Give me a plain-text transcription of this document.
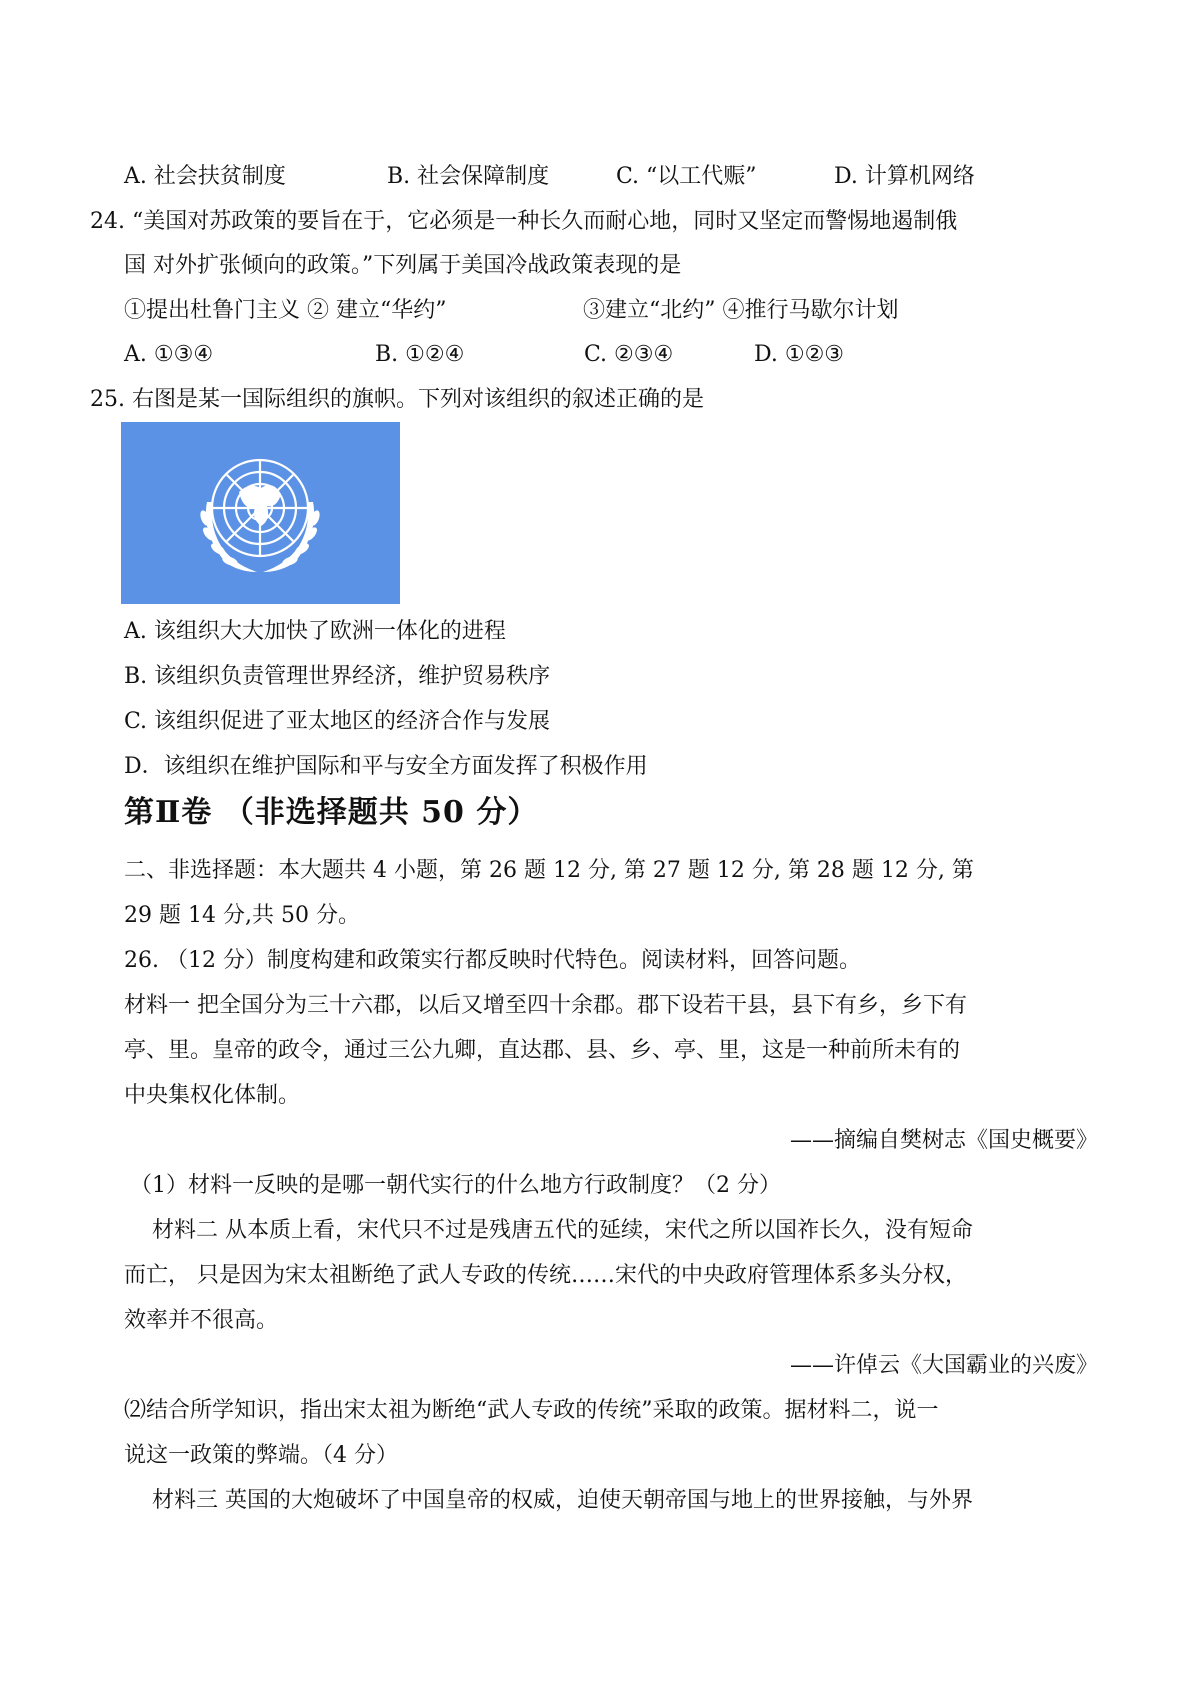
A. 社会扶贫制度	B. 社会保障制度	C. “以工代赈”	D. 计算机网络
24. “美国对苏政策的要旨在于，它必须是一种长久而耐心地，同时又坚定而警惕地遏制俄
国 对外扩张倾向的政策。”下列属于美国冷战政策表现的是
①提出杜鲁门主义 ② 建立“华约”	③建立“北约” ④推行马歇尔计划
A. ①③④	B. ①②④	C. ②③④	D. ①②③
25. 右图是某一国际组织的旗帜。下列对该组织的叙述正确的是
A. 该组织大大加快了欧洲一体化的进程
B. 该组织负责管理世界经济，维护贸易秩序
C. 该组织促进了亚太地区的经济合作与发展
D．该组织在维护国际和平与安全方面发挥了积极作用
第Ⅱ卷 （非选择题共 50 分）
二、非选择题：本大题共 4 小题，第 26 题 12 分, 第 27 题 12 分, 第 28 题 12 分, 第
29 题 14 分,共 50 分。
26. （12 分）制度构建和政策实行都反映时代特色。阅读材料，回答问题。
材料一 把全国分为三十六郡，以后又增至四十余郡。郡下设若干县，县下有乡，乡下有
亭、里。皇帝的政令，通过三公九卿，直达郡、县、乡、亭、里，这是一种前所未有的
中央集权化体制。
——摘编自樊树志《国史概要》
（1）材料一反映的是哪一朝代实行的什么地方行政制度？（2 分）
材料二 从本质上看，宋代只不过是残唐五代的延续，宋代之所以国祚长久，没有短命
而亡， 只是因为宋太祖断绝了武人专政的传统……宋代的中央政府管理体系多头分权，
效率并不很高。
——许倬云《大国霸业的兴废》
⑵结合所学知识，指出宋太祖为断绝“武人专政的传统”采取的政策。据材料二，说一
说这一政策的弊端。（4 分）
材料三 英国的大炮破坏了中国皇帝的权威，迫使天朝帝国与地上的世界接触，与外界
